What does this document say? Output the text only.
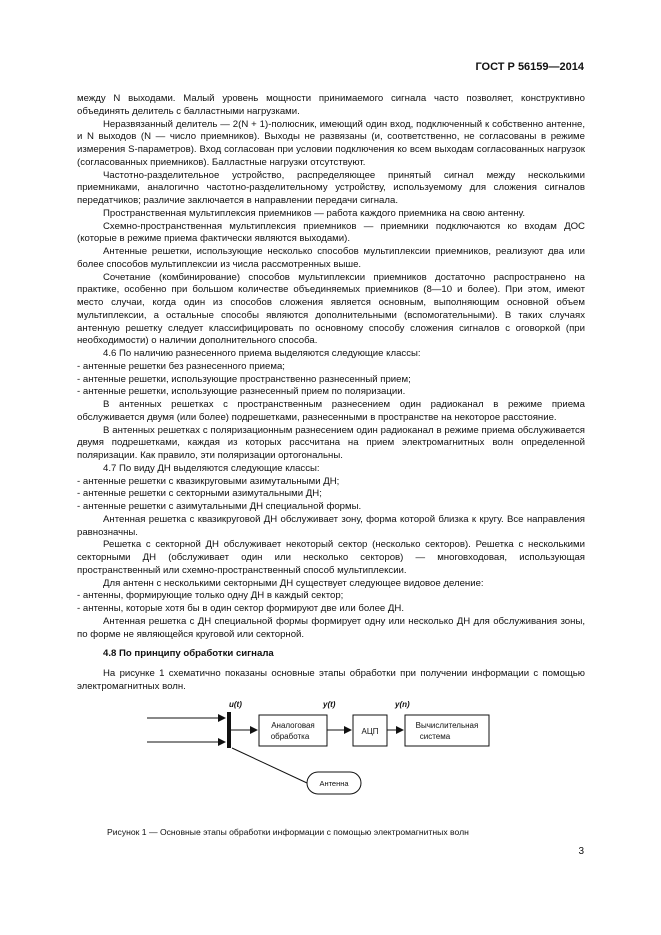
ГОСТ Р 56159—2014

между N выходами. Малый уровень мощности принимаемого сигнала часто позволяет, конструктивно объединять делитель с балластными нагрузками.

Неразвязанный делитель — 2(N + 1)-полюсник, имеющий один вход, подключенный к собственно антенне, и N выходов (N — число приемников). Выходы не развязаны (и, соответственно, не согласованы в режиме измерения S-параметров). Вход согласован при условии подключения ко всем выходам согласованных нагрузок (согласованных приемников). Балластные нагрузки отсутствуют.

Частотно-разделительное устройство, распределяющее принятый сигнал между несколькими приемниками, аналогично частотно-разделительному устройству, используемому для сложения сигналов передатчиков; различие заключается в направлении передачи сигнала.

Пространственная мультиплексия приемников — работа каждого приемника на свою антенну.

Схемно-пространственная мультиплексия приемников — приемники подключаются ко входам ДОС (которые в режиме приема фактически являются выходами).

Антенные решетки, использующие несколько способов мультиплексии приемников, реализуют два или более способов мультиплексии из числа рассмотренных выше.

Сочетание (комбинирование) способов мультиплексии приемников достаточно распространено на практике, особенно при большом количестве объединяемых приемников (8—10 и более). При этом, имеют место случаи, когда один из способов сложения является основным, выполняющим основной объем мультиплексии, а остальные способы являются дополнительными (вспомогательными). В таких случаях антенную решетку следует классифицировать по основному способу сложения сигналов с оговоркой (при необходимости) о наличии дополнительного способа.

4.6 По наличию разнесенного приема выделяются следующие классы:

- антенные решетки без разнесенного приема;

- антенные решетки, использующие пространственно разнесенный прием;

- антенные решетки, использующие разнесенный прием по поляризации.

В антенных решетках с пространственным разнесением один радиоканал в режиме приема обслуживается двумя (или более) подрешетками, разнесенными в пространстве на некоторое расстояние.

В антенных решетках с поляризационным разнесением один радиоканал в режиме приема обслуживается двумя подрешетками, каждая из которых рассчитана на прием электромагнитных волн определенной поляризации. Как правило, эти поляризации ортогональны.

4.7 По виду ДН выделяются следующие классы:

- антенные решетки с квазикруговыми азимутальными ДН;

- антенные решетки с секторными азимутальными ДН;

- антенные решетки с азимутальными ДН специальной формы.

Антенная решетка с квазикруговой ДН обслуживает зону, форма которой близка к кругу. Все направления равнозначны.

Решетка с секторной ДН обслуживает некоторый сектор (несколько секторов). Решетка с несколькими секторными ДН (обслуживает один или несколько секторов) — многовходовая, использующая пространственный или схемно-пространственный способ мультиплексии.

Для антенн с несколькими секторными ДН существует следующее видовое деление:

- антенны, формирующие только одну ДН в каждый сектор;

- антенны, которые хотя бы в один сектор формируют две или более ДН.

Антенная решетка с ДН специальной формы формирует одну или несколько ДН для обслуживания зоны, по форме не являющейся круговой или секторной.

4.8 По принципу обработки сигнала

На рисунке 1 схематично показаны основные этапы обработки при получении информации с помощью электромагнитных волн.

Аналоговая
обработка
АЦП
Вычислительная
система
u(t)	y(t)	y(n)
Антенна

Рисунок 1 — Основные этапы обработки информации с помощью электромагнитных волн

3
